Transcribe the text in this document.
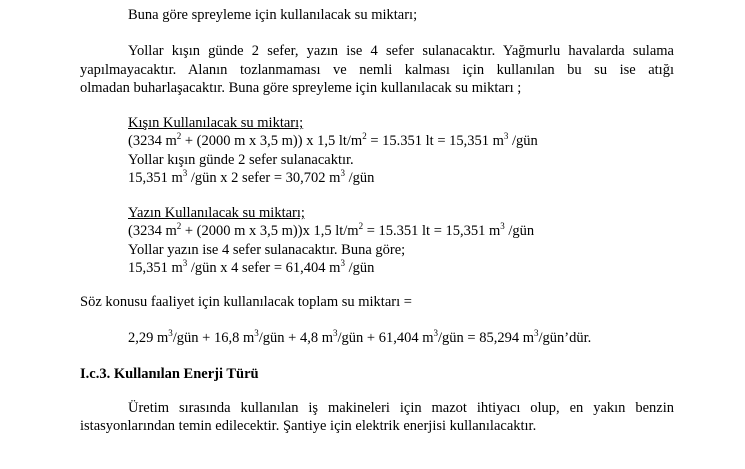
Buna göre spreyleme için kullanılacak su miktarı;
Yollar kışın günde 2 sefer, yazın ise 4 sefer sulanacaktır. Yağmurlu havalarda sulama
yapılmayacaktır. Alanın tozlanmaması ve nemli kalması için kullanılan bu su ise atığı
olmadan buharlaşacaktır. Buna göre spreyleme için kullanılacak su miktarı ;
Kışın Kullanılacak su miktarı;
(3234 $m^2 + (2000$ m x 3,5 m)) x 1,5 $lt/m^2 = 15.351$ lt = 15,351 $m^3$ /gün
Yollar kışın günde 2 sefer sulanacaktır.
15,351 $m^3$ /gün x 2 sefer = 30,702 $m^3$ /gün
Yazın Kullanılacak su miktarı;
(3234 $m^2 + (2000$ m x 3,5 m))x 1,5 $lt/m^2 = 15.351$ lt = 15,351 $m^3$ /gün
Yollar yazın ise 4 sefer sulanacaktır. Buna göre;
15,351 $m^3$ /gün x 4 sefer = 61,404 $m^3$ /gün
Söz konusu faaliyet için kullanılacak toplam su miktarı =
2,29 $m^3$/gün + 16,8 $m^3$/gün + 4,8 $m^3$/gün + 61,404 $m^3$/gün = 85,294 $m^3/gün’dür$.
I.c.3. Kullanılan Enerji Türü
Üretim sırasında kullanılan iş makineleri için mazot ihtiyacı olup, en yakın benzin
istasyonlarından temin edilecektir. Şantiye için elektrik enerjisi kullanılacaktır.
